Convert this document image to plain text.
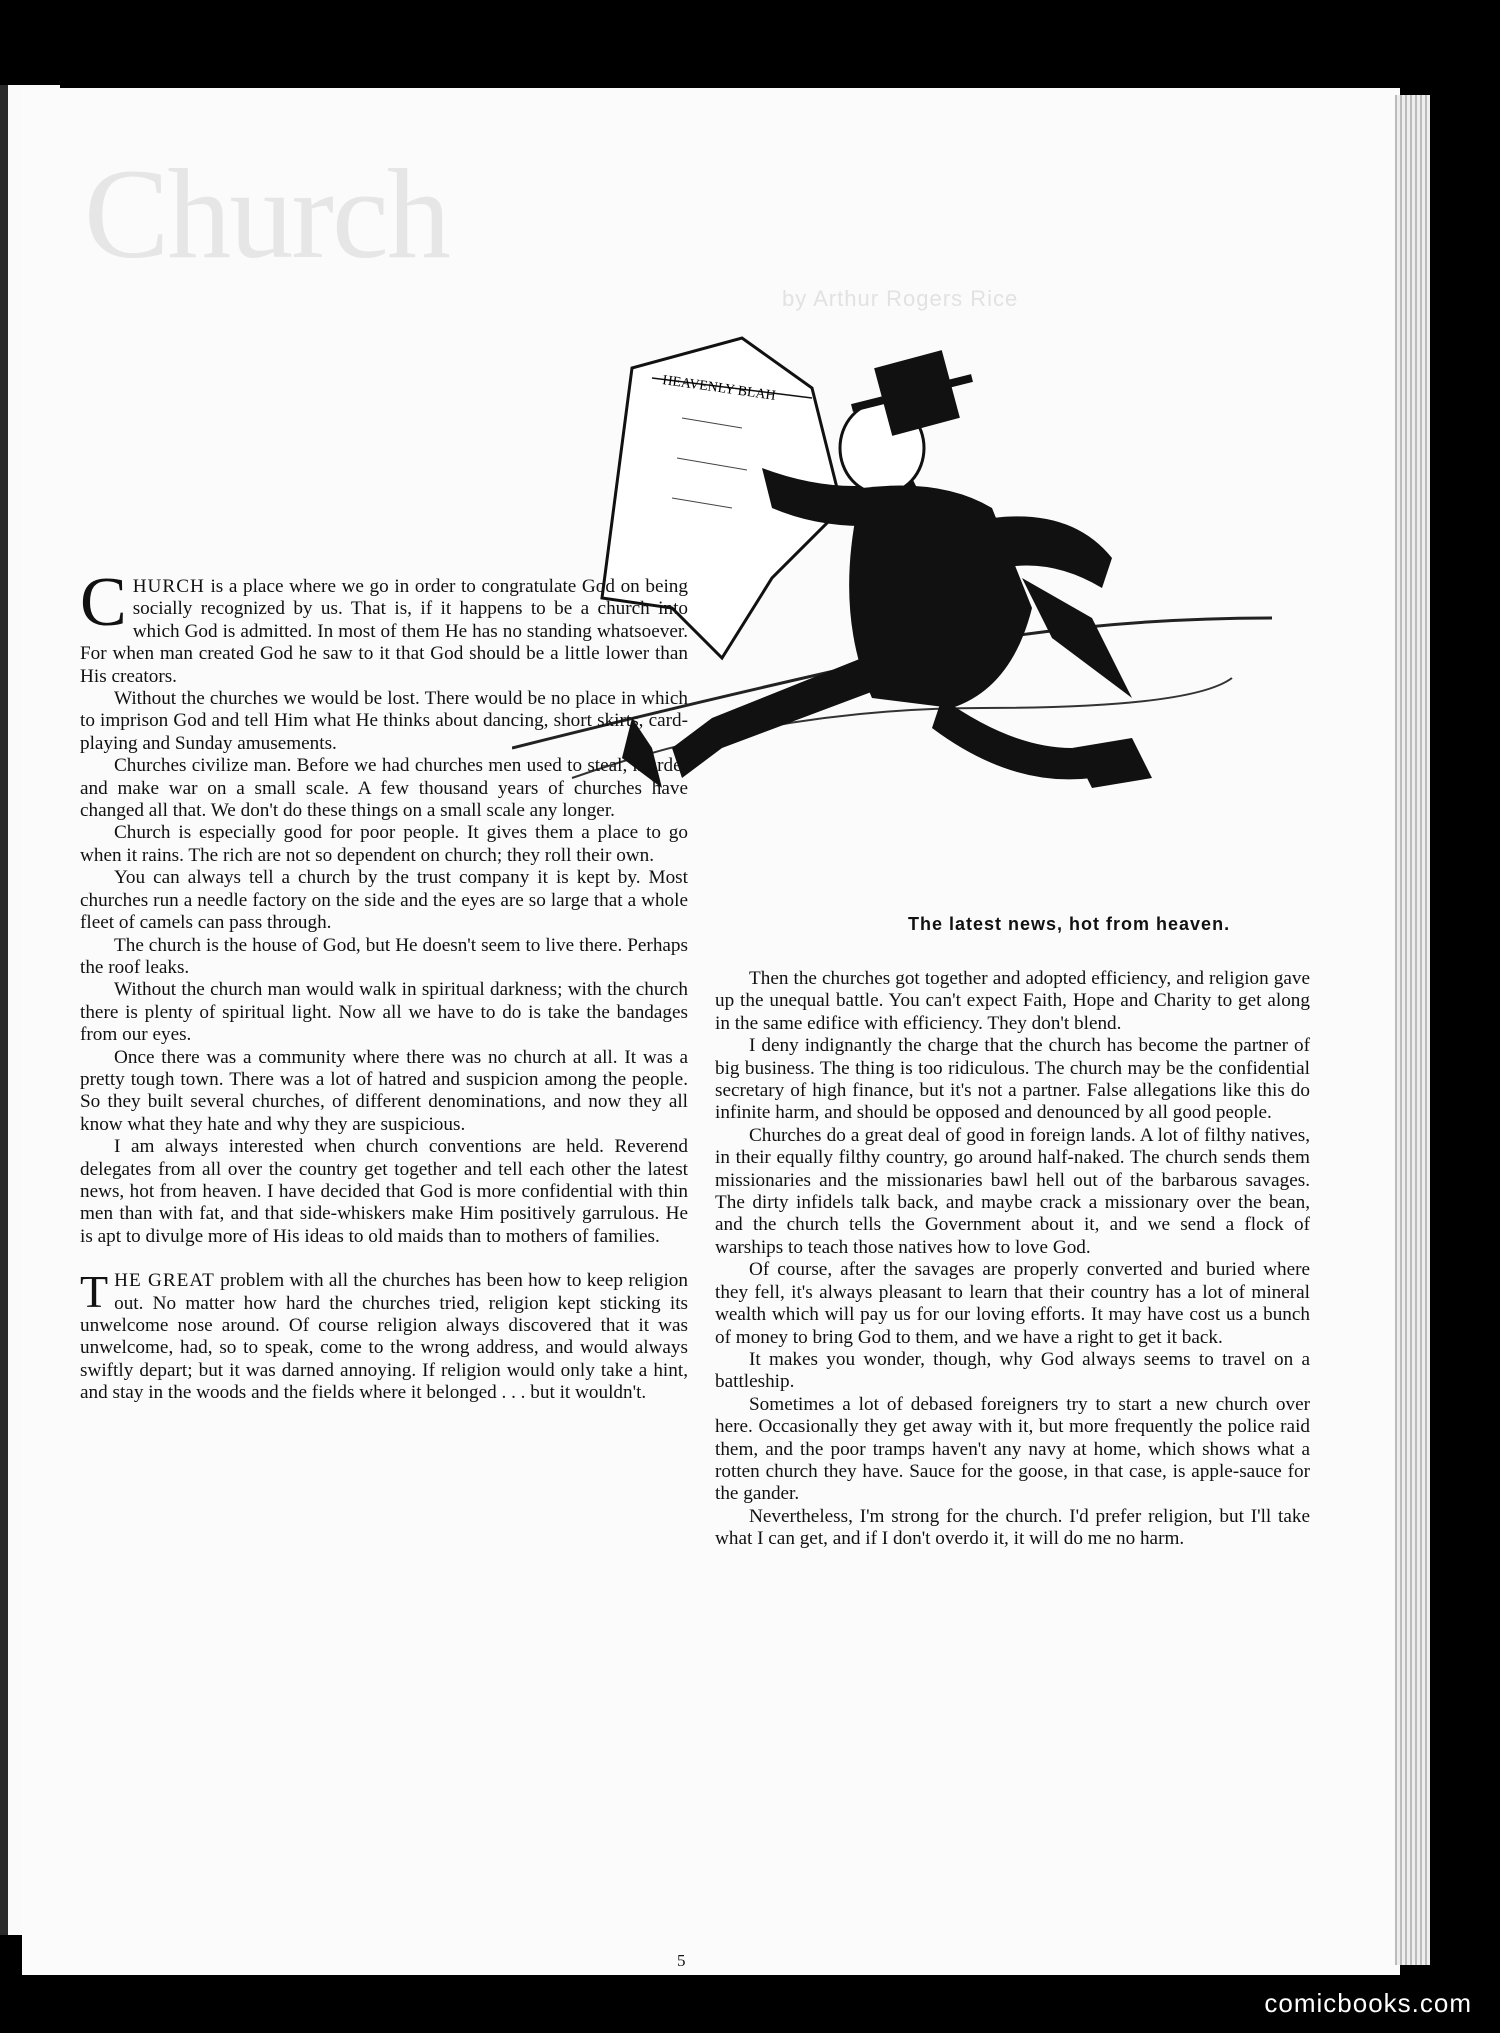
Church
by Arthur Rogers Rice
HEAVENLY BLAH
The latest news, hot from heaven.

CHURCH is a place where we go in order to congratulate God on being socially recognized by us. That is, if it happens to be a church into which God is admitted. In most of them He has no standing whatsoever. For when man created God he saw to it that God should be a little lower than His creators.

Without the churches we would be lost. There would be no place in which to imprison God and tell Him what He thinks about dancing, short skirts, card-playing and Sunday amusements.

Churches civilize man. Before we had churches men used to steal, murder and make war on a small scale. A few thousand years of churches have changed all that. We don't do these things on a small scale any longer.

Church is especially good for poor people. It gives them a place to go when it rains. The rich are not so dependent on church; they roll their own.

You can always tell a church by the trust company it is kept by. Most churches run a needle factory on the side and the eyes are so large that a whole fleet of camels can pass through.

The church is the house of God, but He doesn't seem to live there. Perhaps the roof leaks.

Without the church man would walk in spiritual darkness; with the church there is plenty of spiritual light. Now all we have to do is take the bandages from our eyes.

Once there was a community where there was no church at all. It was a pretty tough town. There was a lot of hatred and suspicion among the people. So they built several churches, of different denominations, and now they all know what they hate and why they are suspicious.

I am always interested when church conventions are held. Reverend delegates from all over the country get together and tell each other the latest news, hot from heaven. I have decided that God is more confidential with thin men than with fat, and that side-whiskers make Him positively garrulous. He is apt to divulge more of His ideas to old maids than to mothers of families.

THE GREAT problem with all the churches has been how to keep religion out. No matter how hard the churches tried, religion kept sticking its unwelcome nose around. Of course religion always discovered that it was unwelcome, had, so to speak, come to the wrong address, and would always swiftly depart; but it was darned annoying. If religion would only take a hint, and stay in the woods and the fields where it belonged . . . but it wouldn't.

Then the churches got together and adopted efficiency, and religion gave up the unequal battle. You can't expect Faith, Hope and Charity to get along in the same edifice with efficiency. They don't blend.

I deny indignantly the charge that the church has become the partner of big business. The thing is too ridiculous. The church may be the confidential secretary of high finance, but it's not a partner. False allegations like this do infinite harm, and should be opposed and denounced by all good people.

Churches do a great deal of good in foreign lands. A lot of filthy natives, in their equally filthy country, go around half-naked. The church sends them missionaries and the missionaries bawl hell out of the barbarous savages. The dirty infidels talk back, and maybe crack a missionary over the bean, and the church tells the Government about it, and we send a flock of warships to teach those natives how to love God.

Of course, after the savages are properly converted and buried where they fell, it's always pleasant to learn that their country has a lot of mineral wealth which will pay us for our loving efforts. It may have cost us a bunch of money to bring God to them, and we have a right to get it back.

It makes you wonder, though, why God always seems to travel on a battleship.

Sometimes a lot of debased foreigners try to start a new church over here. Occasionally they get away with it, but more frequently the police raid them, and the poor tramps haven't any navy at home, which shows what a rotten church they have. Sauce for the goose, in that case, is apple-sauce for the gander.

Nevertheless, I'm strong for the church. I'd prefer religion, but I'll take what I can get, and if I don't overdo it, it will do me no harm.

5
comicbooks.com
